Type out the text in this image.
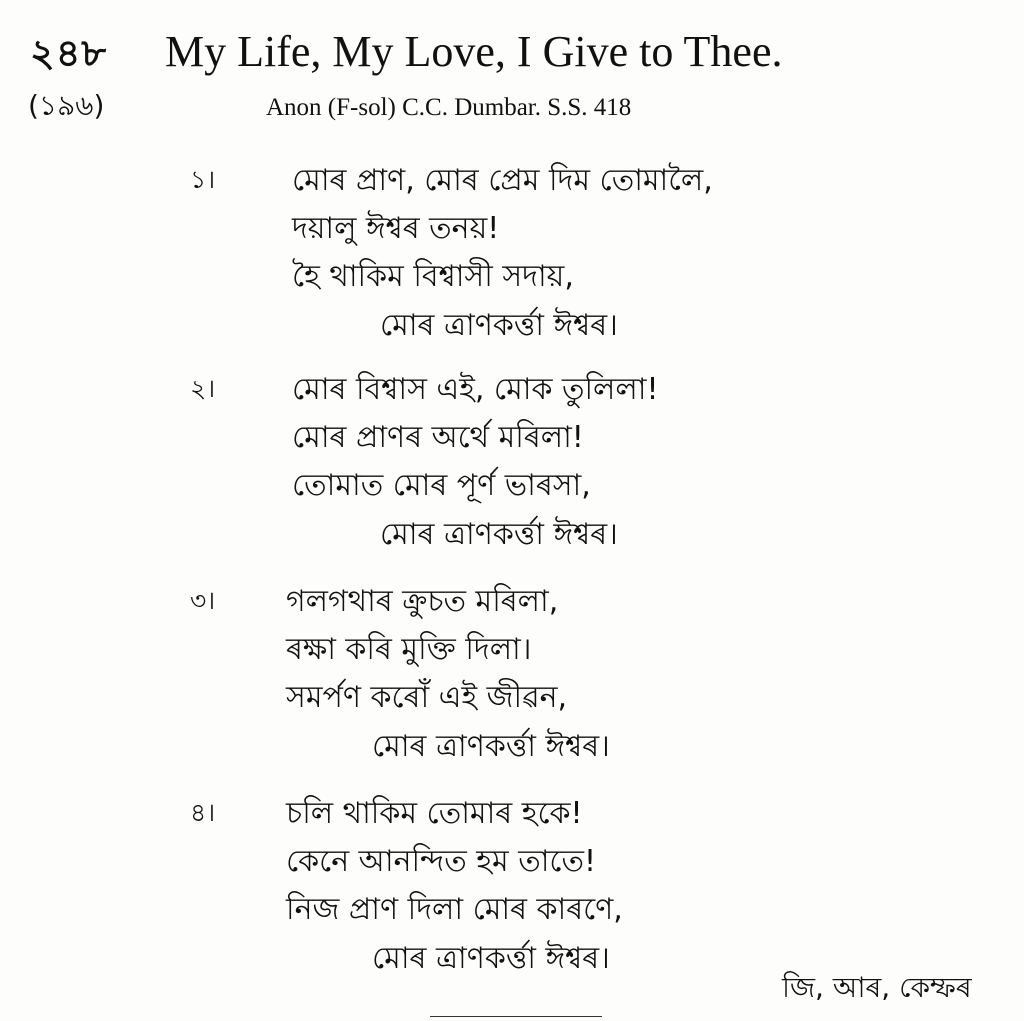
২৪৮
(১৯৬)
My Life, My Love, I Give to Thee.
Anon (F-sol) C.C. Dumbar. S.S. 418
১।	মোৰ প্ৰাণ, মোৰ প্ৰেম দিম তোমালৈ,
দয়ালু ঈশ্বৰ তনয়!
হৈ থাকিম বিশ্বাসী সদায়,
মোৰ ত্ৰাণকৰ্ত্তা ঈশ্বৰ।
২।	মোৰ বিশ্বাস এই, মোক তুলিলা!
মোৰ প্ৰাণৰ অৰ্থে মৰিলা!
তোমাত মোৰ পূৰ্ণ ভাৰসা,
মোৰ ত্ৰাণকৰ্ত্তা ঈশ্বৰ।
৩। গলগথাৰ ক্ৰুচত মৰিলা,
ৰক্ষা কৰি মুক্তি দিলা।
সমৰ্পণ কৰোঁ এই জীৱন,
মোৰ ত্ৰাণকৰ্ত্তা ঈশ্বৰ।
৪। চলি থাকিম তোমাৰ হকে!
কেনে আনন্দিত হম তাতে!
নিজ প্ৰাণ দিলা মোৰ কাৰণে,
মোৰ ত্ৰাণকৰ্ত্তা ঈশ্বৰ।
জি, আৰ, কেম্ফৰ
